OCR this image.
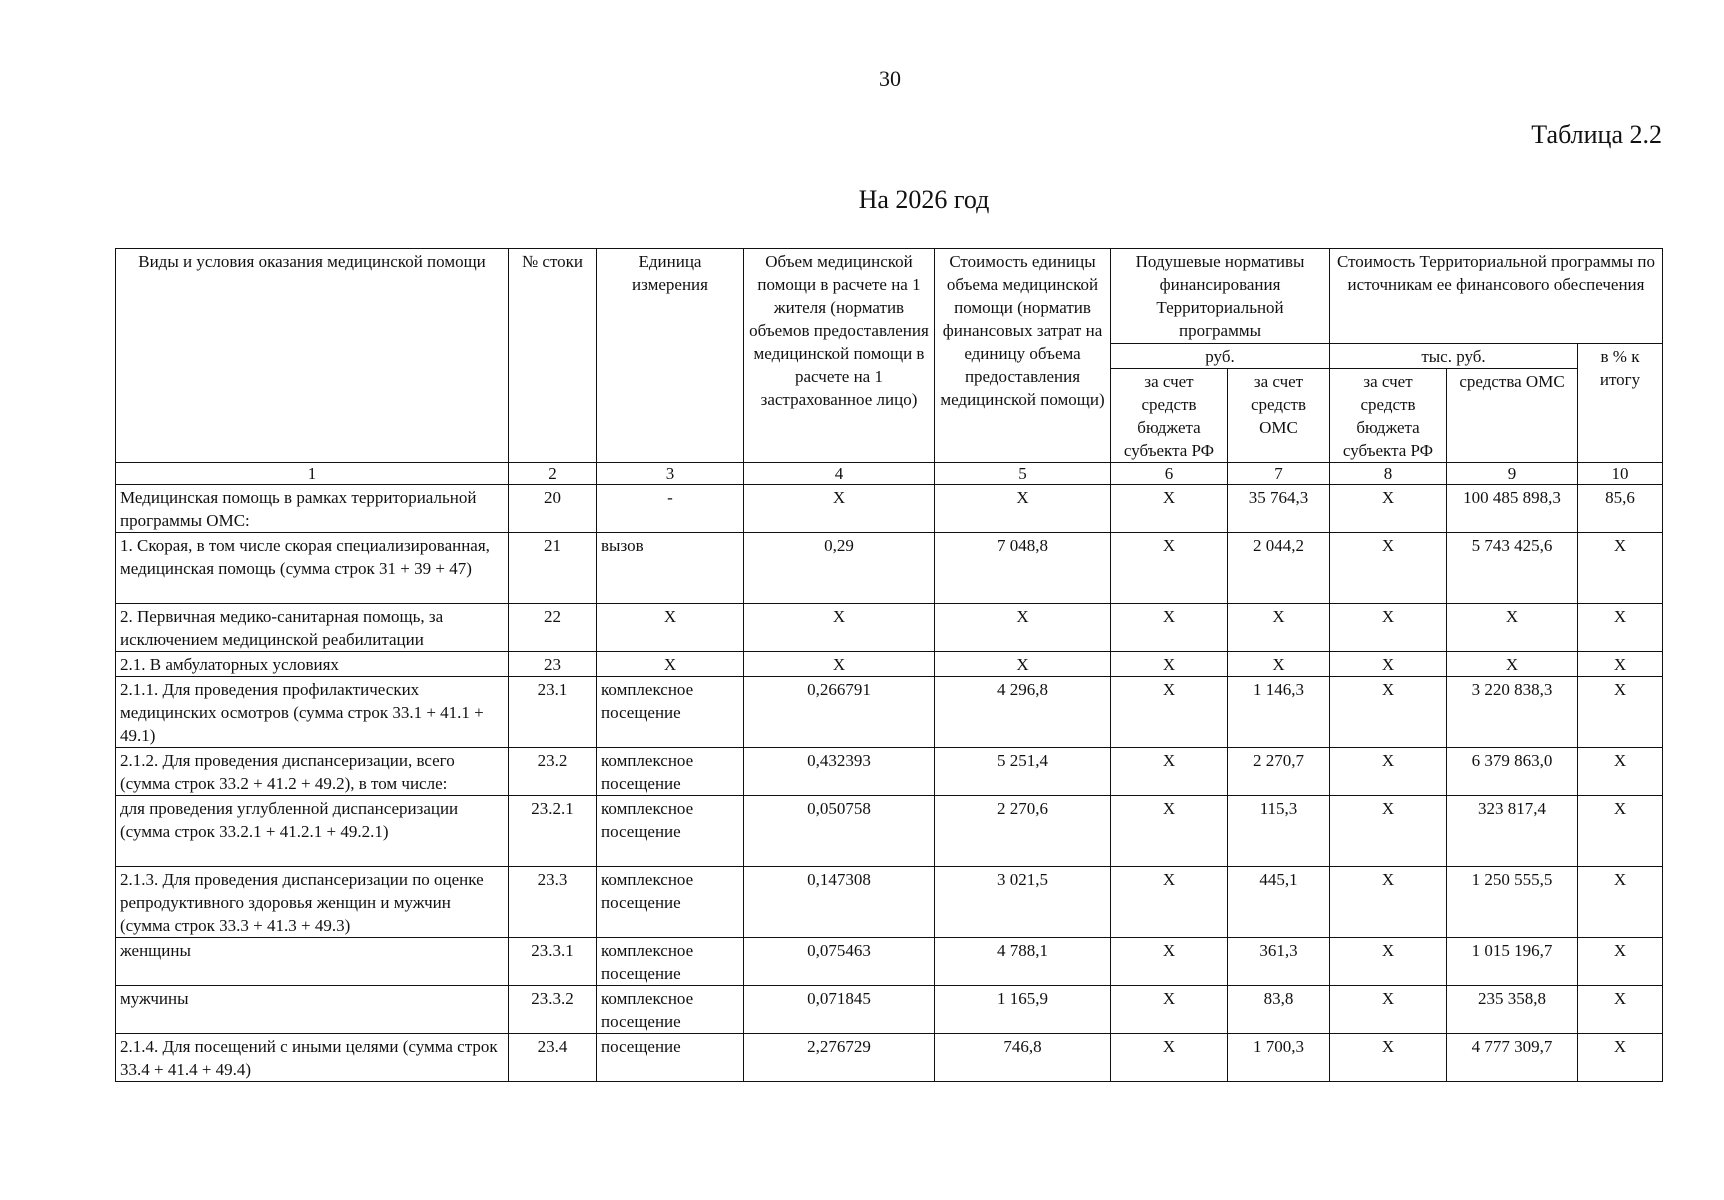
30
Таблица 2.2
На 2026 год
Виды и условия оказания медицинской помощи	№ стоки	Единица измерения	Объем медицинской помощи в расчете на 1 жителя (норматив объемов предоставления медицинской помощи в расчете на 1 застрахованное лицо)	Стоимость единицы объема медицинской помощи (норматив финансовых затрат на единицу объема предоставления медицинской помощи)	Подушевые нормативы финансирования Территориальной программы		Стоимость Территориальной программы по источникам ее финансового обеспечения		
					руб.		тыс. руб.		в % к итогу
					за счет средств бюджета субъекта РФ	за счет средств ОМС	за счет средств бюджета субъекта РФ	средства ОМС	
1	2	3	4	5	6	7	8	9	10
Медицинская помощь в рамках территориальной программы ОМС:	20	-	X	X	X	35 764,3	X	100 485 898,3	85,6
1. Скорая, в том числе скорая специализированная, медицинская помощь (сумма строк 31 + 39 + 47)	21	вызов	0,29	7 048,8	X	2 044,2	X	5 743 425,6	X
2. Первичная медико-санитарная помощь, за исключением медицинской реабилитации	22	X	X	X	X	X	X	X	X
2.1. В амбулаторных условиях	23	X	X	X	X	X	X	X	X
2.1.1. Для проведения профилактических медицинских осмотров (сумма строк 33.1 + 41.1 + 49.1)	23.1	комплексное посещение	0,266791	4 296,8	X	1 146,3	X	3 220 838,3	X
2.1.2. Для проведения диспансеризации, всего (сумма строк 33.2 + 41.2 + 49.2), в том числе:	23.2	комплексное посещение	0,432393	5 251,4	X	2 270,7	X	6 379 863,0	X
для проведения углубленной диспансеризации (сумма строк 33.2.1 + 41.2.1 + 49.2.1)	23.2.1	комплексное посещение	0,050758	2 270,6	X	115,3	X	323 817,4	X
2.1.3. Для проведения диспансеризации по оценке репродуктивного здоровья женщин и мужчин (сумма строк 33.3 + 41.3 + 49.3)	23.3	комплексное посещение	0,147308	3 021,5	X	445,1	X	1 250 555,5	X
женщины	23.3.1	комплексное посещение	0,075463	4 788,1	X	361,3	X	1 015 196,7	X
мужчины	23.3.2	комплексное посещение	0,071845	1 165,9	X	83,8	X	235 358,8	X
2.1.4. Для посещений с иными целями (сумма строк 33.4 + 41.4 + 49.4)	23.4	посещение	2,276729	746,8	X	1 700,3	X	4 777 309,7	X
